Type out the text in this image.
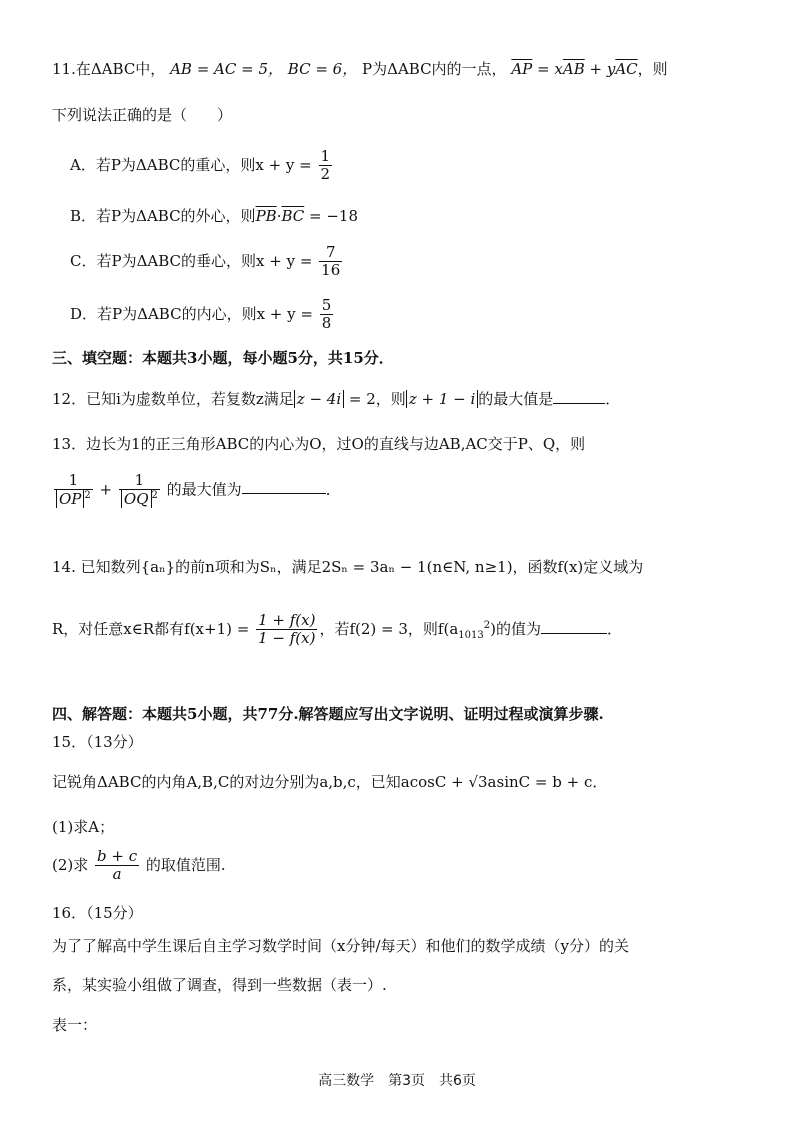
11.在ΔABC中， AB = AC = 5， BC = 6， P为ΔABC内的一点， $\overline{AP} = x\overline{AB} + y\overline{AC}$，则
下列说法正确的是（　　）
A．若P为ΔABC的重心，则$x + y = \frac{1}{2}$
B．若P为ΔABC的外心，则$\overline{PB}\cdot\overline{BC} = -18$
C．若P为ΔABC的垂心，则$x + y = \frac{7}{16}$
D．若P为ΔABC的内心，则$x + y = \frac{5}{8}$
三、填空题：本题共3小题，每小题5分，共15分．
12．已知i为虚数单位，若复数z满足 z − 4i = 2，则 z + 1 − i 的最大值是	．
13．边长为1的正三角形ABC的内心为O，过O的直线与边AB,AC交于P、Q，则
$\frac{1}{OP ^2} + \frac{1}{OQ ^2}$ 的最大值为	．
14. 已知数列{aₙ}的前n项和为Sₙ，满足2Sₙ = 3aₙ − 1(n∈N, n≥1)，函数f(x)定义域为
R，对任意x∈R都有$f(x+1) = \frac{1 + f(x)}{1 - f(x)}$ ，若f(2) = 3，则$f(a_{1013}^2)$的值为	．
四、解答题：本题共5小题，共77分.解答题应写出文字说明、证明过程或演算步骤.
15．（13分）
记锐角ΔABC的内角A,B,C的对边分别为a,b,c，已知acosC + √3asinC = b + c．
(1)求A；
(2)求 $\frac{b + c}{a}$ 的取值范围.
16．（15分）
为了了解高中学生课后自主学习数学时间（x分钟/每天）和他们的数学成绩（y分）的关
系，某实验小组做了调查，得到一些数据（表一）.
表一：
高三数学　第3页　共6页
